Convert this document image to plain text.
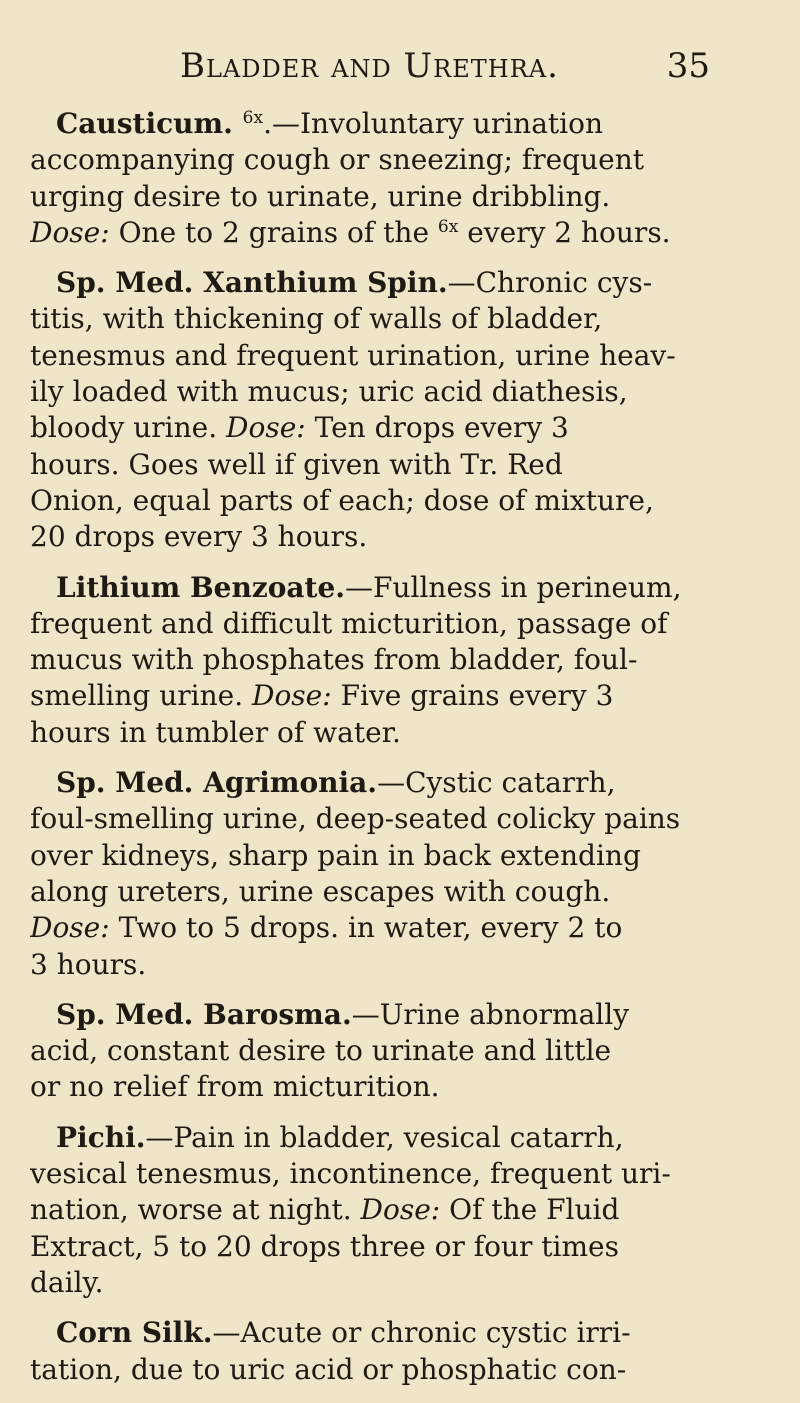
Bladder and Urethra.	35
Causticum. $^{6x}$.—Involuntary urination
accompanying cough or sneezing; frequent
urging desire to urinate, urine dribbling.
Dose: One to 2 grains of the $^{6x}$ every 2 hours.
Sp. Med. Xanthium Spin.—Chronic cys-
titis, with thickening of walls of bladder,
tenesmus and frequent urination, urine heav-
ily loaded with mucus; uric acid diathesis,
bloody urine. Dose: Ten drops every 3
hours. Goes well if given with Tr. Red
Onion, equal parts of each; dose of mixture,
20 drops every 3 hours.
Lithium Benzoate.—Fullness in perineum,
frequent and difficult micturition, passage of
mucus with phosphates from bladder, foul-
smelling urine. Dose: Five grains every 3
hours in tumbler of water.
Sp. Med. Agrimonia.—Cystic catarrh,
foul-smelling urine, deep-seated colicky pains
over kidneys, sharp pain in back extending
along ureters, urine escapes with cough.
Dose: Two to 5 drops. in water, every 2 to
3 hours.
Sp. Med. Barosma.—Urine abnormally
acid, constant desire to urinate and little
or no relief from micturition.
Pichi.—Pain in bladder, vesical catarrh,
vesical tenesmus, incontinence, frequent uri-
nation, worse at night. Dose: Of the Fluid
Extract, 5 to 20 drops three or four times
daily.
Corn Silk.—Acute or chronic cystic irri-
tation, due to uric acid or phosphatic con-
